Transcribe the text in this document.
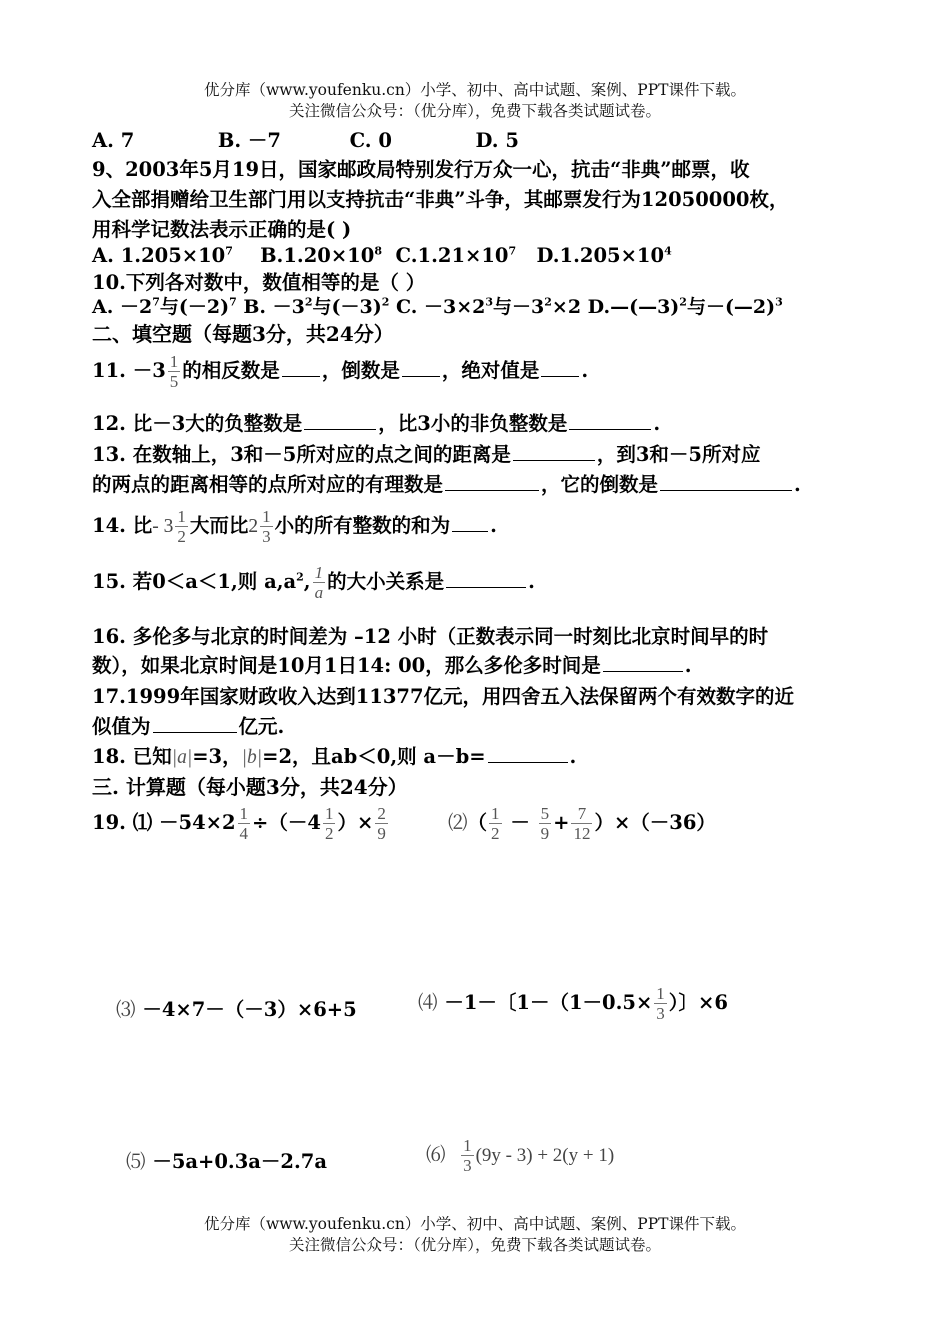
优分库（www.youfenku.cn）小学、初中、高中试题、案例、PPT课件下载。
关注微信公众号：（优分库），免费下载各类试题试卷。
A. 7	B. －7	C. 0	D. 5
9、2003年5月19日，国家邮政局特别发行万众一心，抗击“非典”邮票，收
入全部捐赠给卫生部门用以支持抗击“非典”斗争，其邮票发行为12050000枚，
用科学记数法表示正确的是( )
A. $1.205\times 10^7$ $B.1.20\times 10^8$ $C.1.21\times 10^7$ $D.1.205\times 10^4$
10.下列各对数中，数值相等的是（ ）
A. $-2^7$与$(-2)^7$ B. $-3^2$与$(-3)^2$ C. $-3\times 2^3$与$-3^2\times 2$ D.—(—3)$^2$与－(—2)$^3$
二、填空题（每题3分，共24分）
11. $-3 \frac{1}{5}$ 的相反数是 ，倒数是 ，绝对值是 .
12. 比－3大的负整数是	，比3小的非负整数是	.
13. 在数轴上，3和－5所对应的点之间的距离是	，到3和－5所对应
的两点的距离相等的点所对应的有理数是	，它的倒数是	.
14. 比- $3 \frac{1}{2}$ 大而比$2 \frac{1}{3}$ 小的所有整数的和为 .
15. 若0＜a＜1,则 $a,a^2$, $\frac{1}{a}$ 的大小关系是	.
16. 多伦多与北京的时间差为 –12 小时（正数表示同一时刻比北京时间早的时
数），如果北京时间是10月1日14: 00，那么多伦多时间是	.
17.1999年国家财政收入达到11377亿元，用四舍五入法保留两个有效数字的近
似值为	亿元.
18. 已知|a|=3，|b|=2，且ab＜0,则 a－b=	.
三. 计算题（每小题3分，共24分）
19. ⑴ $-54\times 2 \frac{1}{4} \div(-4 \frac{1}{2}$ ）× $\frac{2}{9}$	⑵（ $\frac{1}{2} - \frac{5}{9} + \frac{7}{12} )\times(-36)$
⑶ －4×7－（－3）×6+5	⑷ －1－〔$1-(1-0.5\times \frac{1}{3}$ ）〕×6
⑸ －5a+0.3a－2.7a	⑹ $\frac{1}{3} (9y - 3) + 2(y + 1)$
优分库（www.youfenku.cn）小学、初中、高中试题、案例、PPT课件下载。
关注微信公众号：（优分库），免费下载各类试题试卷。
